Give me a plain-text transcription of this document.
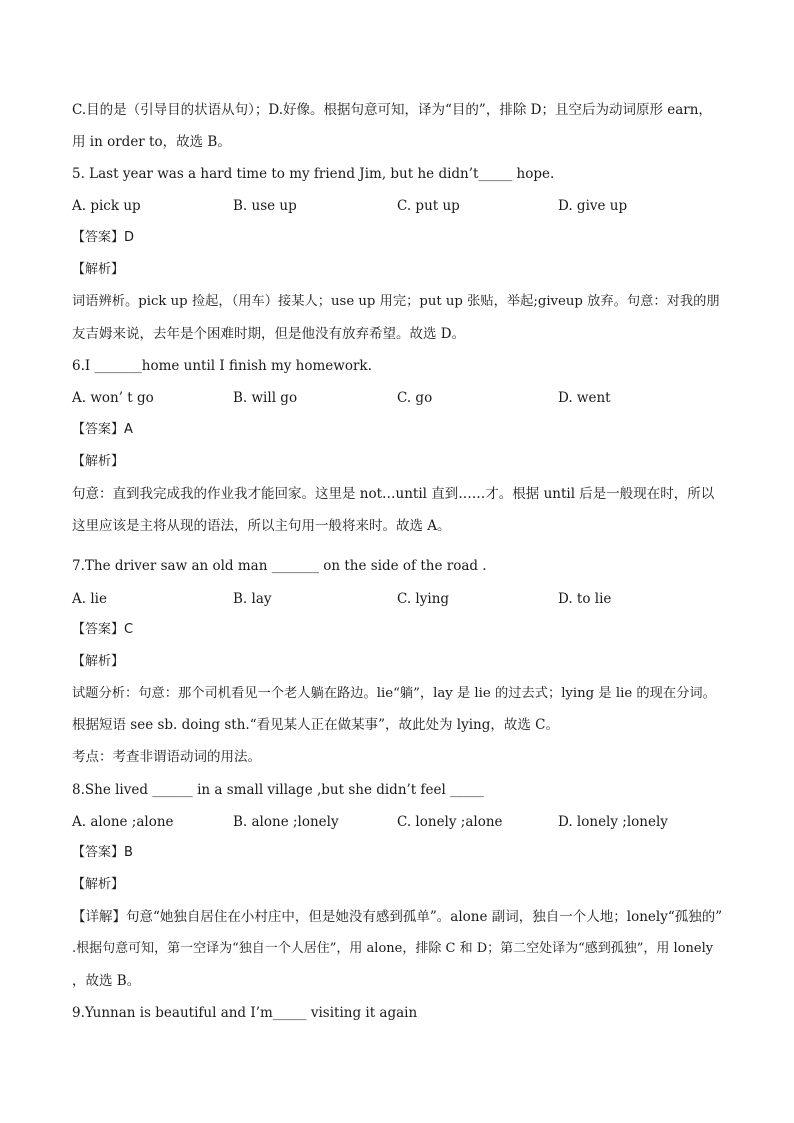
C.目的是（引导目的状语从句）；D.好像。根据句意可知，译为“目的”，排除 D；且空后为动词原形 earn，
用 in order to，故选 B。
5. Last year was a hard time to my friend Jim, but he didn’t_____ hope.
A. pick up	B. use up	C. put up	D. give up
【答案】D
【解析】
词语辨析。pick up 捡起，（用车）接某人；use up 用完；put up 张贴，举起;giveup 放弃。句意：对我的朋
友吉姆来说，去年是个困难时期，但是他没有放弃希望。故选 D。
6.I _______home until I finish my homework.
A. won’ t go	B. will go	C. go	D. went
【答案】A
【解析】
句意：直到我完成我的作业我才能回家。这里是 not…until 直到……才。根据 until 后是一般现在时，所以
这里应该是主将从现的语法，所以主句用一般将来时。故选 A。
7.The driver saw an old man _______ on the side of the road .
A. lie	B. lay	C. lying	D. to lie
【答案】C
【解析】
试题分析：句意：那个司机看见一个老人躺在路边。lie“躺”，lay 是 lie 的过去式；lying 是 lie 的现在分词。
根据短语 see sb. doing sth.“看见某人正在做某事”，故此处为 lying，故选 C。
考点：考查非谓语动词的用法。
8.She lived ______ in a small village ,but she didn’t feel _____
A. alone ;alone	B. alone ;lonely	C. lonely ;alone	D. lonely ;lonely
【答案】B
【解析】
【详解】句意“她独自居住在小村庄中，但是她没有感到孤单”。alone 副词，独自一个人地；lonely“孤独的”
.根据句意可知，第一空译为“独自一个人居住”，用 alone，排除 C 和 D；第二空处译为“感到孤独”，用 lonely
，故选 B。
9.Yunnan is beautiful and I’m_____ visiting it again
